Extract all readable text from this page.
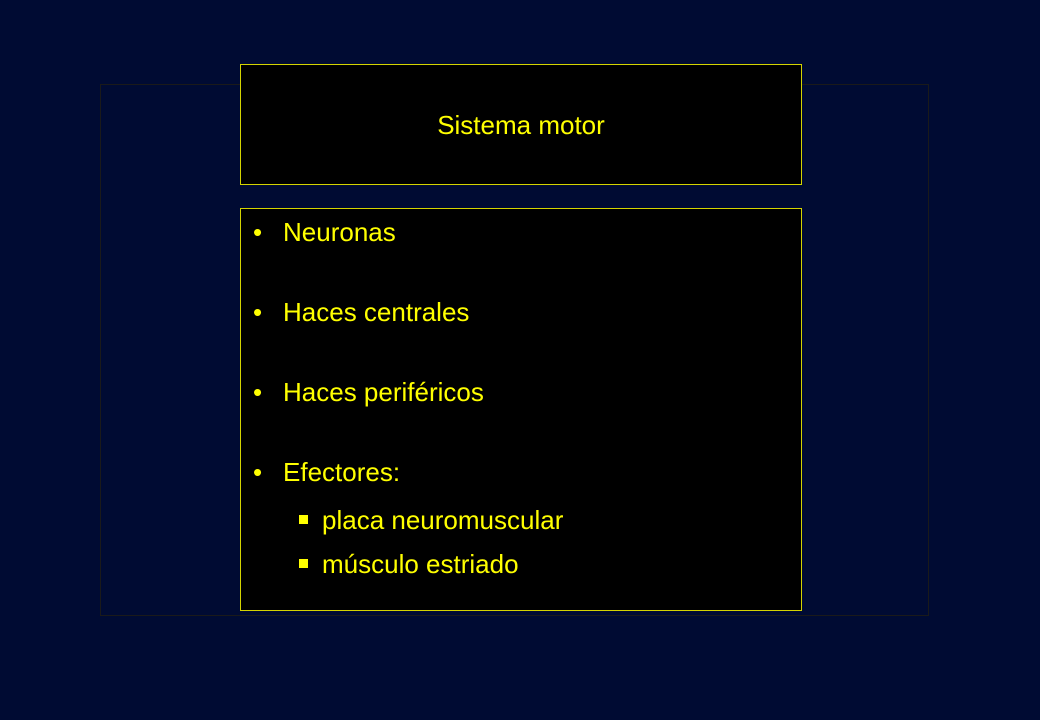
Sistema motor
• Neuronas
• Haces centrales
• Haces periféricos
• Efectores:
placa neuromuscular
músculo estriado
